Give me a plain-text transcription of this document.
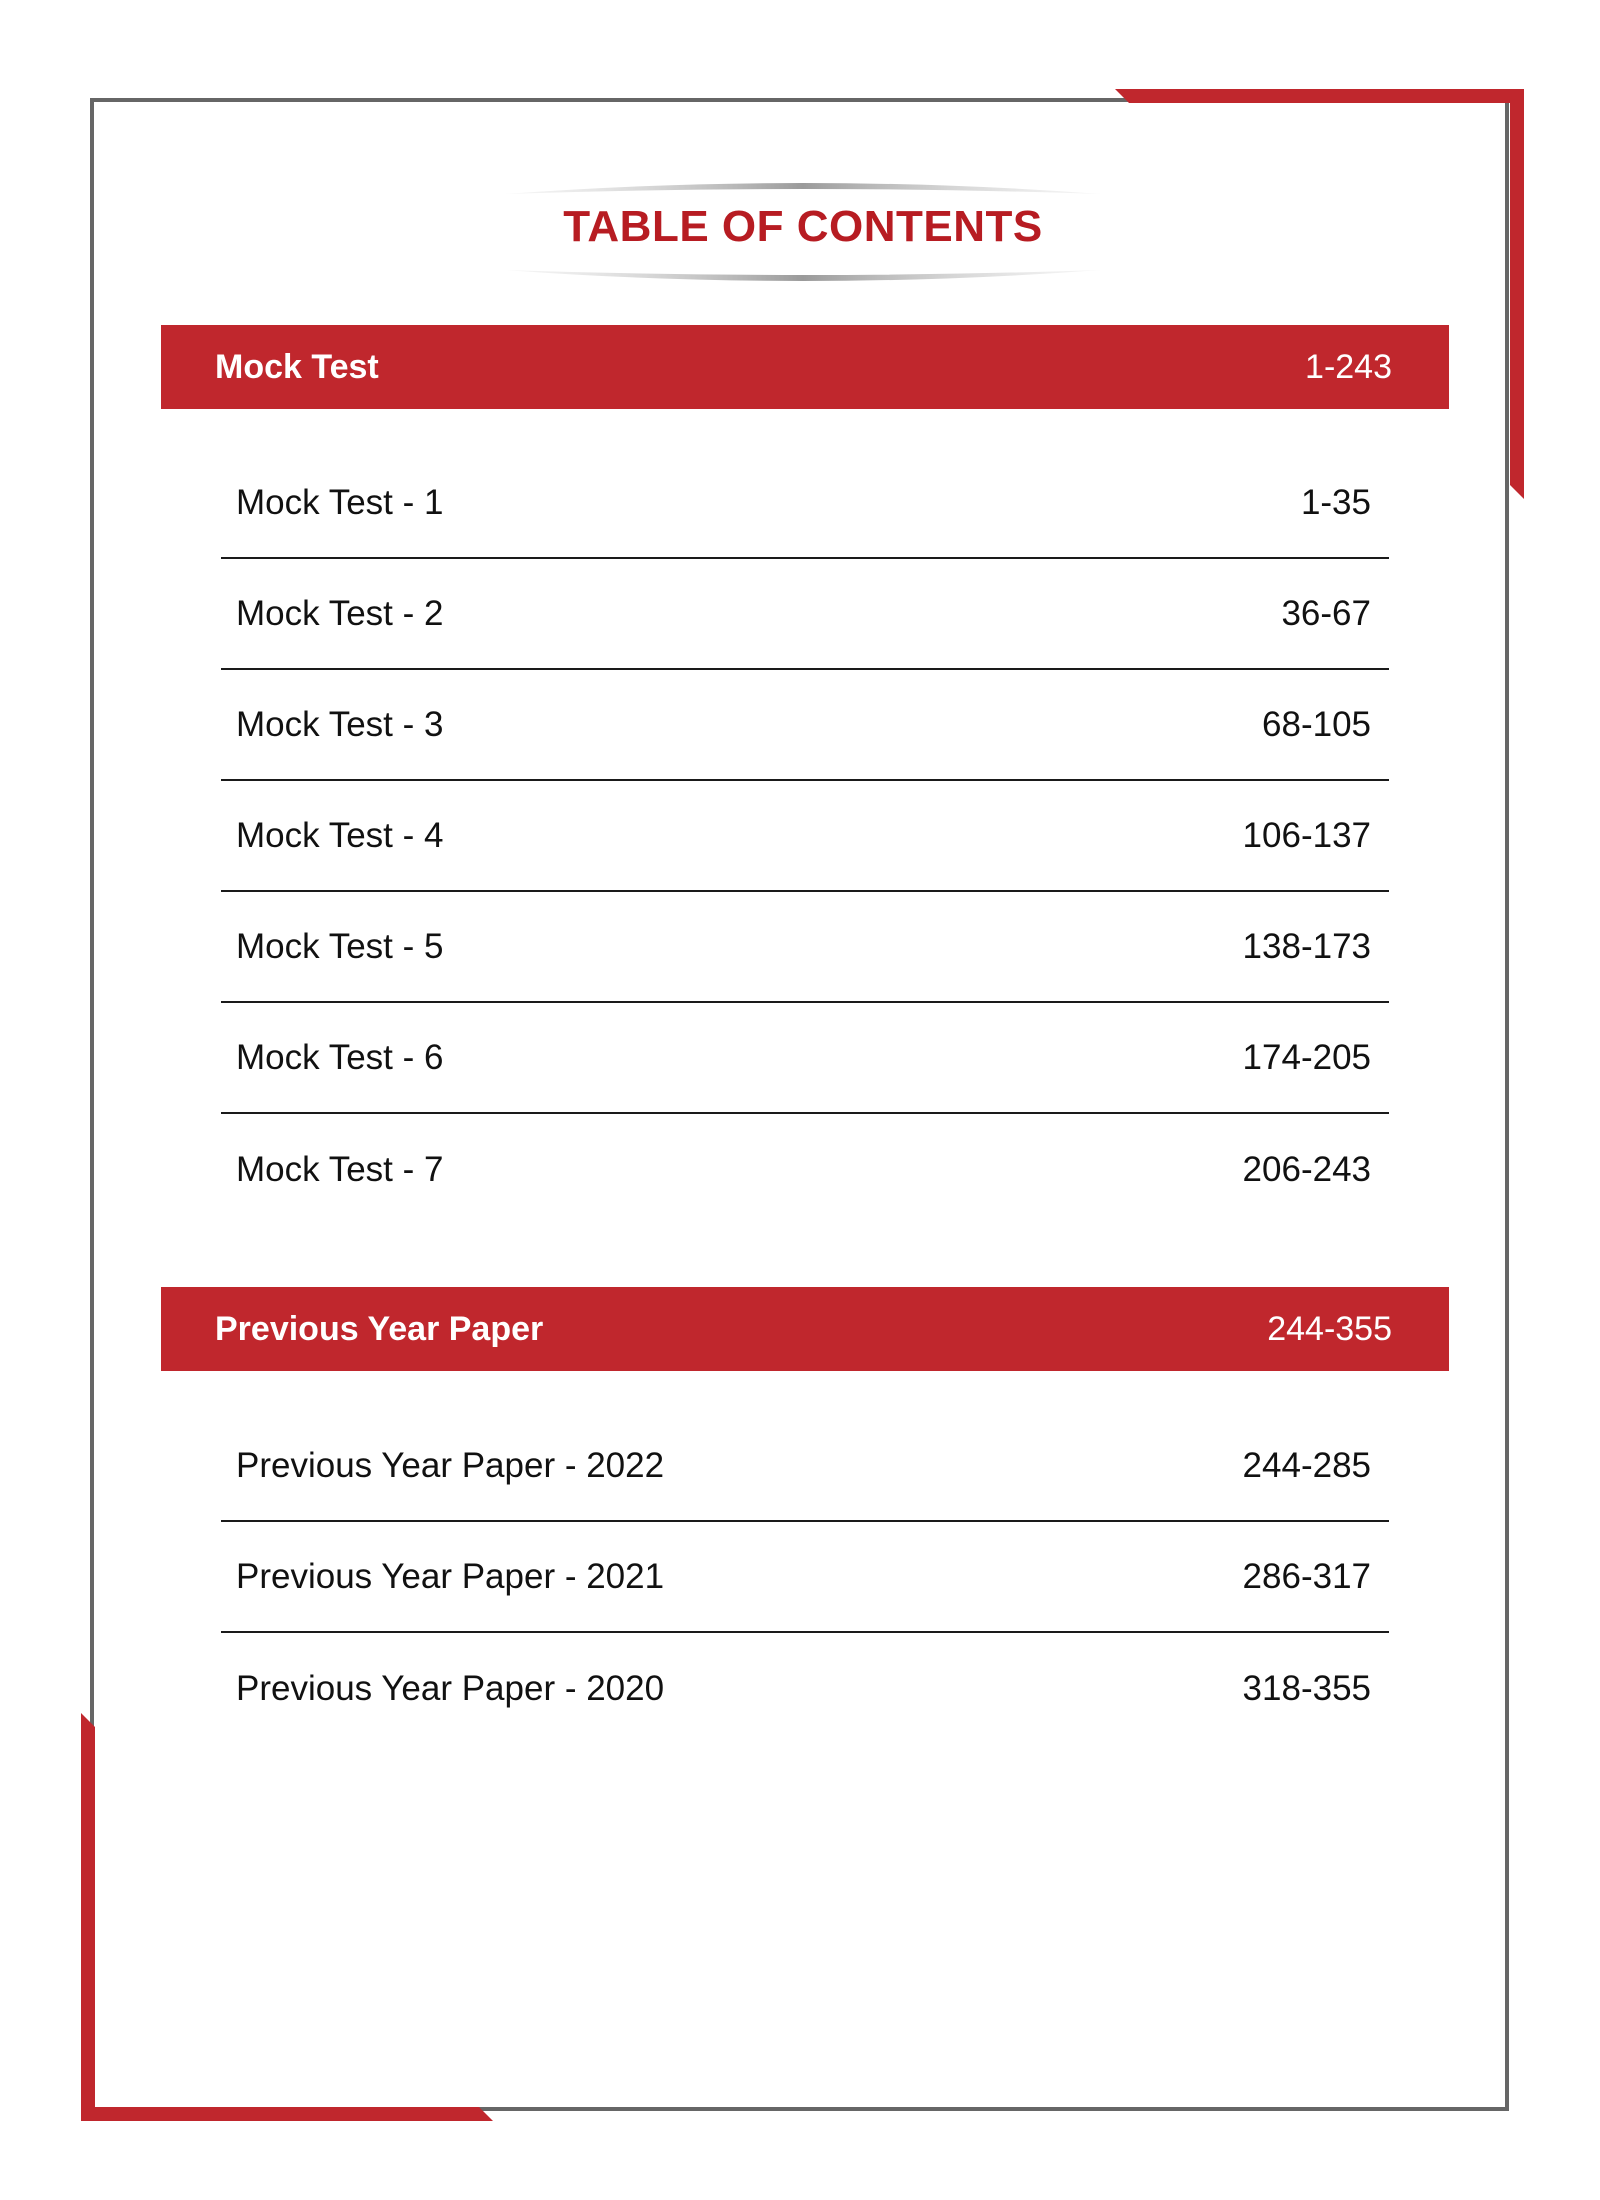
TABLE OF CONTENTS
Mock Test	1-243
Mock Test - 1	1-35
Mock Test - 2	36-67
Mock Test - 3	68-105
Mock Test - 4	106-137
Mock Test - 5	138-173
Mock Test - 6	174-205
Mock Test - 7	206-243
Previous Year Paper	244-355
Previous Year Paper - 2022	244-285
Previous Year Paper - 2021	286-317
Previous Year Paper - 2020	318-355
